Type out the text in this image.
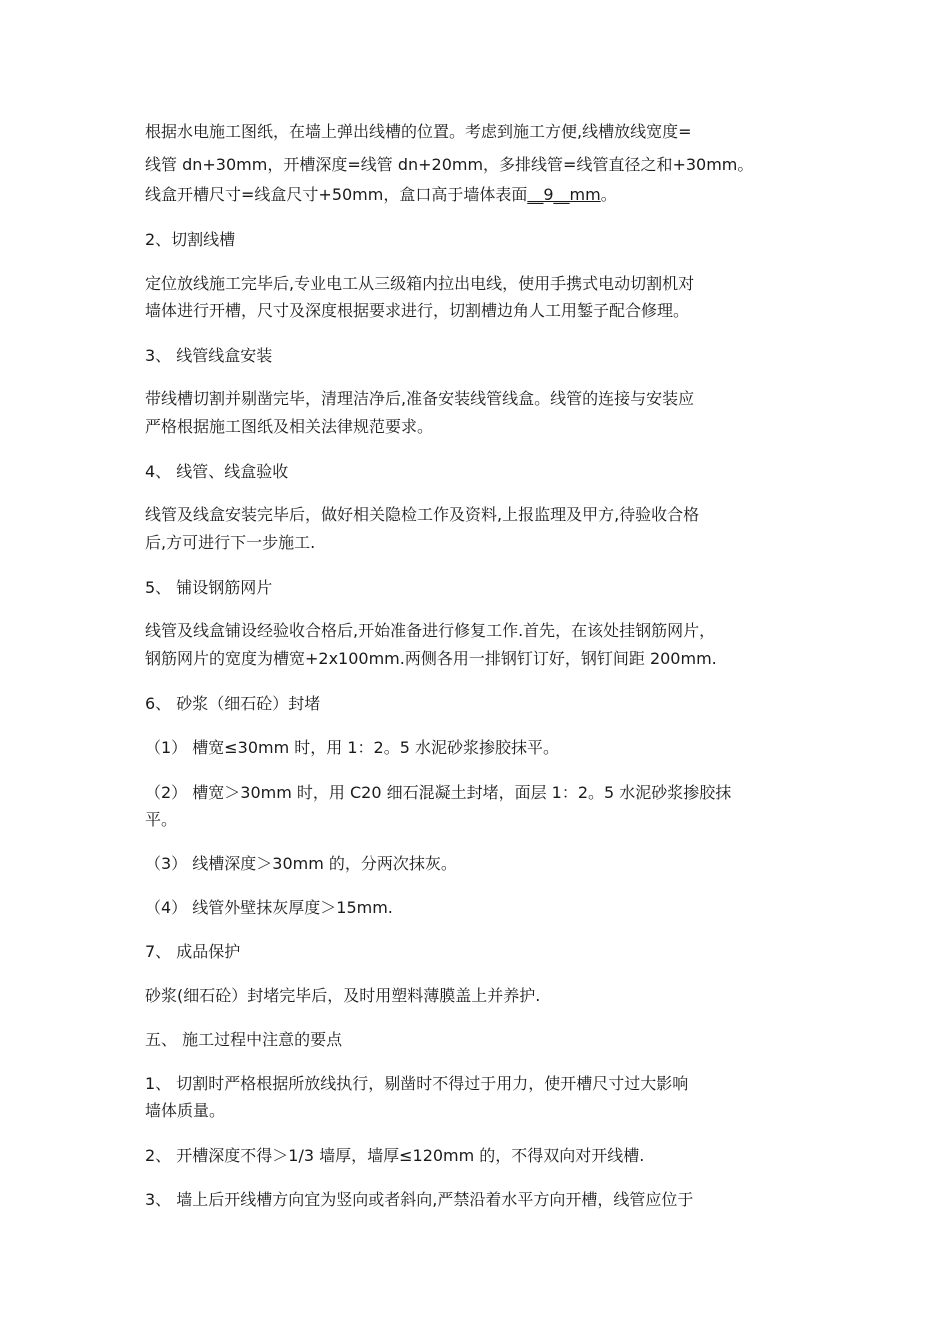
根据水电施工图纸，在墙上弹出线槽的位置。考虑到施工方便,线槽放线宽度=
线管 dn+30mm，开槽深度=线管 dn+20mm，多排线管=线管直径之和+30mm。
线盒开槽尺寸=线盒尺寸+50mm，盒口高于墙体表面__9__mm。
2、切割线槽
定位放线施工完毕后,专业电工从三级箱内拉出电线，使用手携式电动切割机对
墙体进行开槽，尺寸及深度根据要求进行，切割槽边角人工用錾子配合修理。
3、 线管线盒安装
带线槽切割并剔凿完毕，清理洁净后,准备安装线管线盒。线管的连接与安装应
严格根据施工图纸及相关法律规范要求。
4、 线管、线盒验收
线管及线盒安装完毕后，做好相关隐检工作及资料,上报监理及甲方,待验收合格
后,方可进行下一步施工.
5、 铺设钢筋网片
线管及线盒铺设经验收合格后,开始准备进行修复工作.首先，在该处挂钢筋网片，
钢筋网片的宽度为槽宽+2x100mm.两侧各用一排钢钉订好，钢钉间距 200mm.
6、 砂浆（细石砼）封堵
（1） 槽宽≤30mm 时，用 1：2。5 水泥砂浆掺胶抹平。
（2） 槽宽＞30mm 时，用 C20 细石混凝土封堵，面层 1：2。5 水泥砂浆掺胶抹
平。
（3） 线槽深度＞30mm 的，分两次抹灰。
（4） 线管外壁抹灰厚度＞15mm.
7、 成品保护
砂浆(细石砼）封堵完毕后，及时用塑料薄膜盖上并养护.
五、 施工过程中注意的要点
1、 切割时严格根据所放线执行，剔凿时不得过于用力，使开槽尺寸过大影响
墙体质量。
2、 开槽深度不得＞1/3 墙厚，墙厚≤120mm 的，不得双向对开线槽.
3、 墙上后开线槽方向宜为竖向或者斜向,严禁沿着水平方向开槽，线管应位于
